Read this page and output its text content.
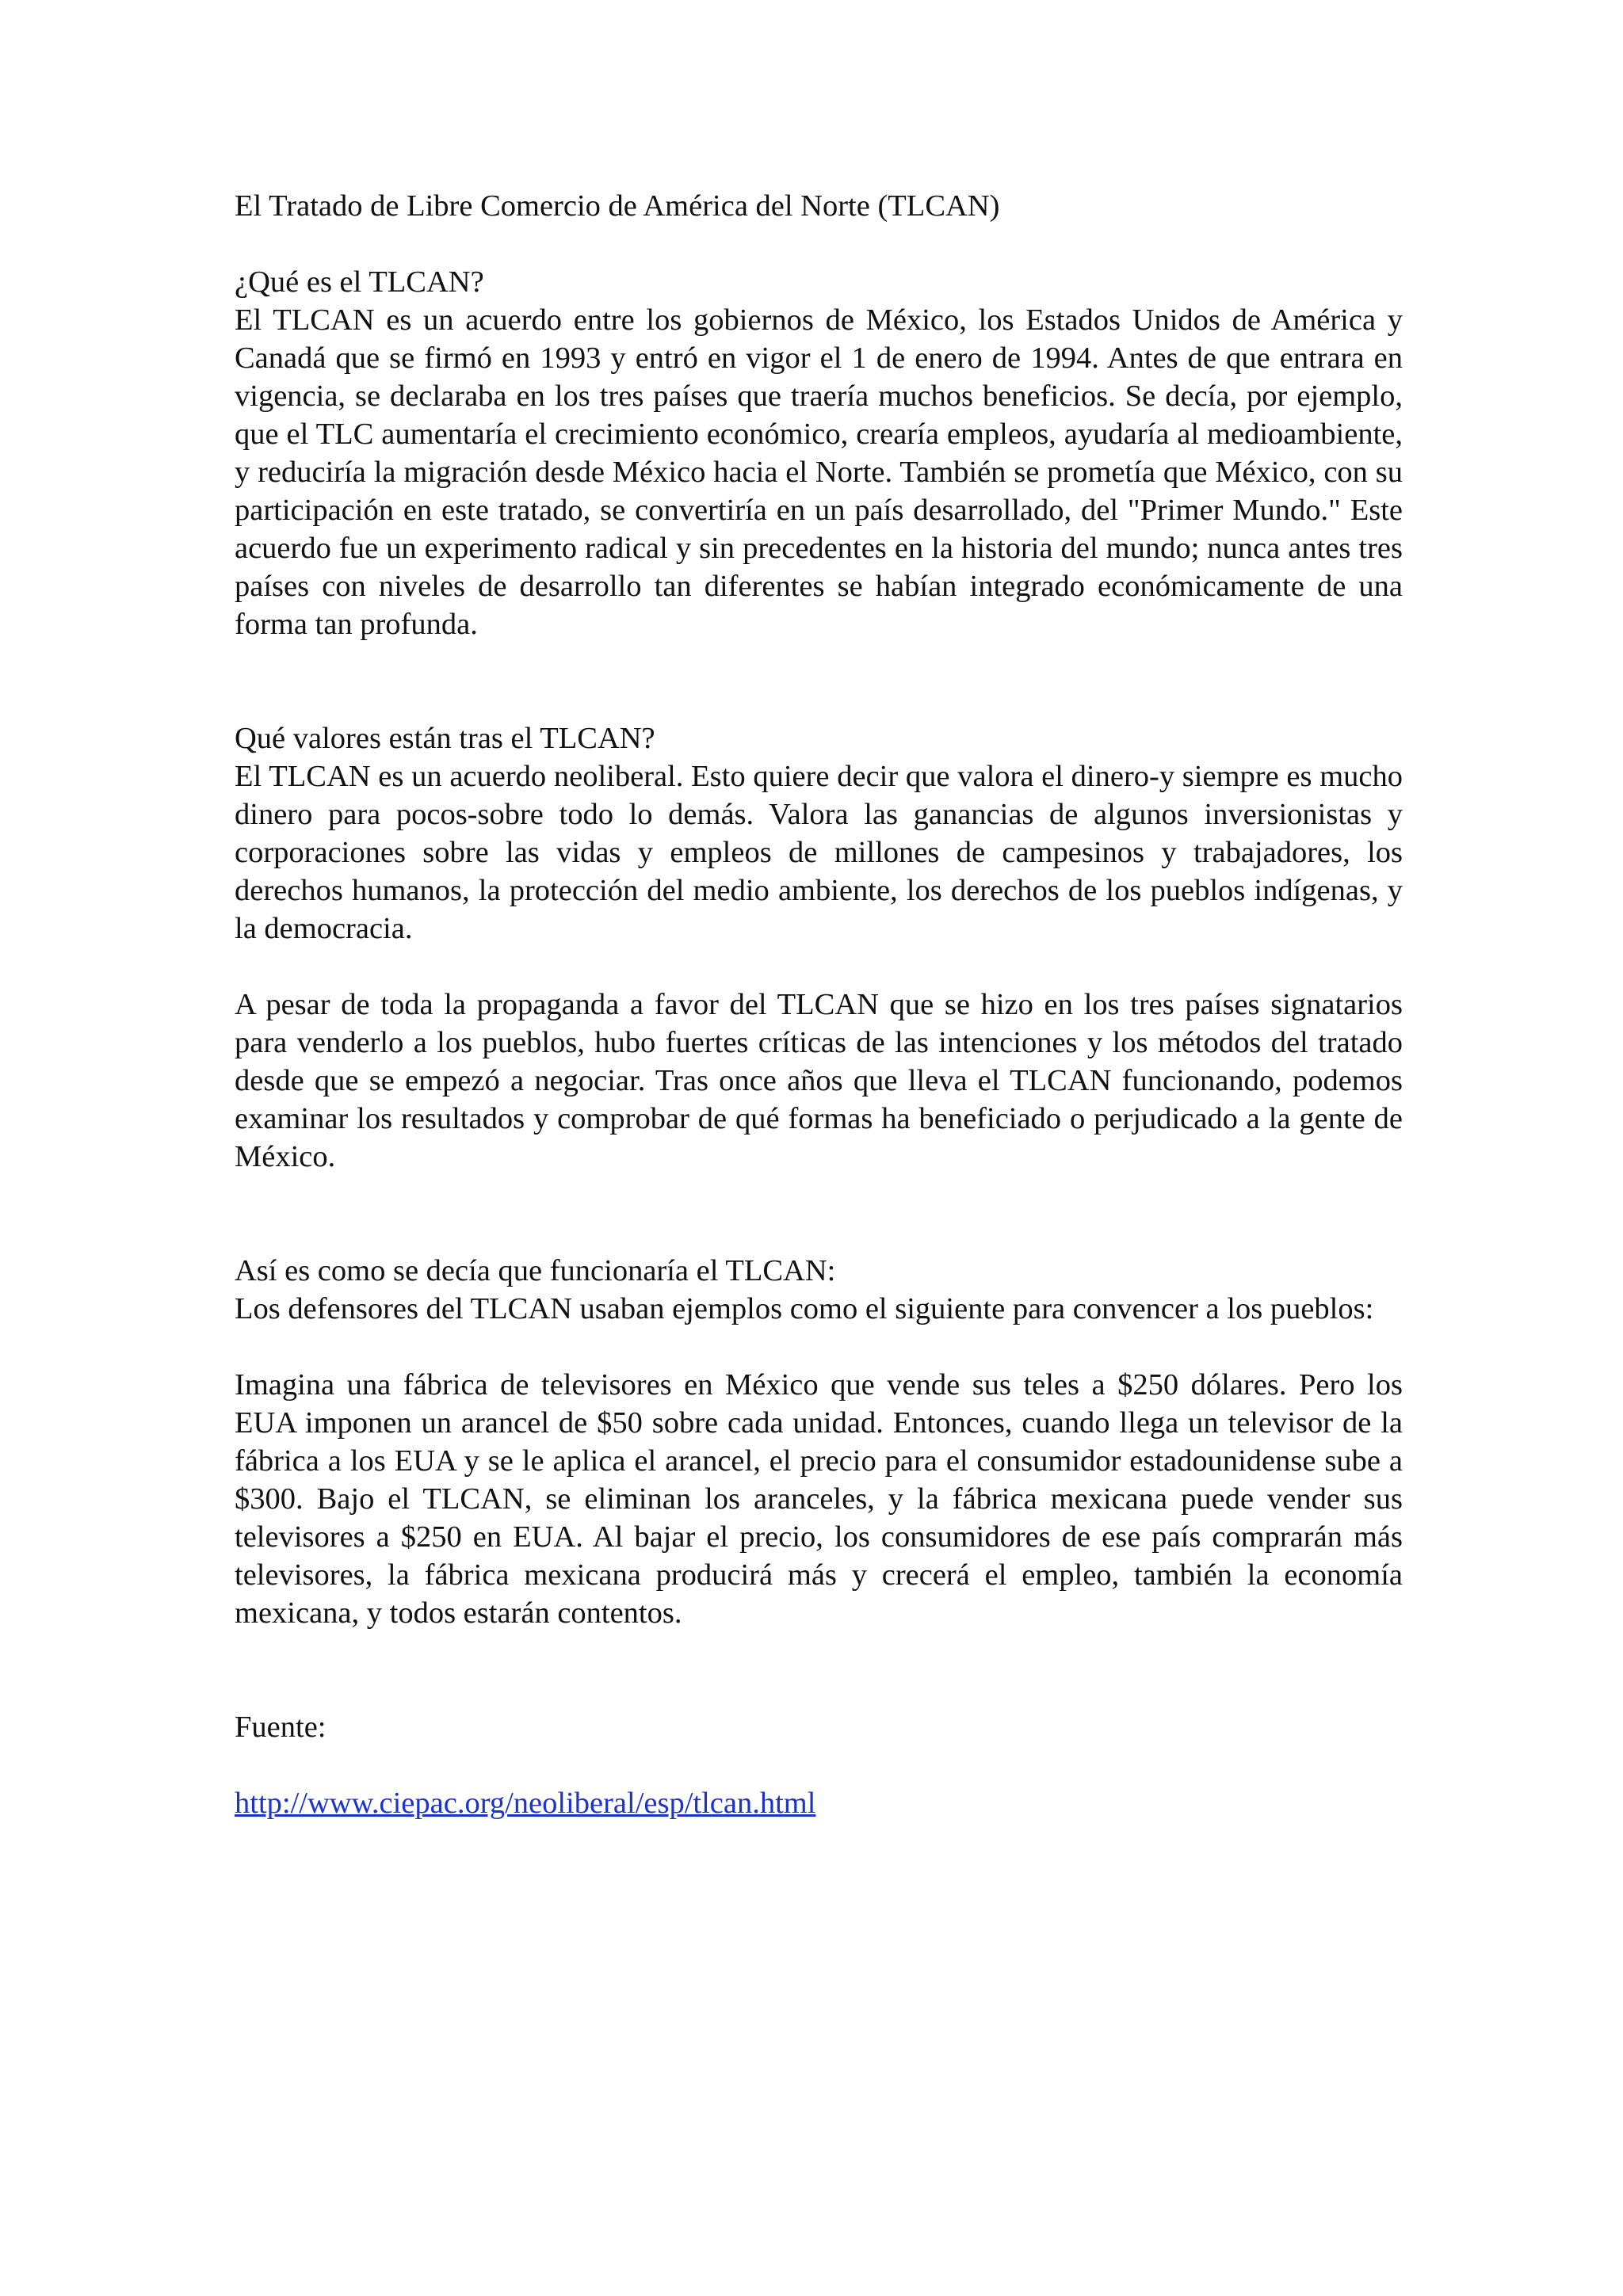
El Tratado de Libre Comercio de América del Norte (TLCAN)
¿Qué es el TLCAN?

El TLCAN es un acuerdo entre los gobiernos de México, los Estados Unidos de América y Canadá que se firmó en 1993 y entró en vigor el 1 de enero de 1994. Antes de que entrara en vigencia, se declaraba en los tres países que traería muchos beneficios. Se decía, por ejemplo, que el TLC aumentaría el crecimiento económico, crearía empleos, ayudaría al medioambiente, y reduciría la migración desde México hacia el Norte. También se prometía que México, con su participación en este tratado, se convertiría en un país desarrollado, del "Primer Mundo." Este acuerdo fue un experimento radical y sin precedentes en la historia del mundo; nunca antes tres países con niveles de desarrollo tan diferentes se habían integrado económicamente de una forma tan profunda.

Qué valores están tras el TLCAN?

El TLCAN es un acuerdo neoliberal. Esto quiere decir que valora el dinero-y siempre es mucho dinero para pocos-sobre todo lo demás. Valora las ganancias de algunos inversionistas y corporaciones sobre las vidas y empleos de millones de campesinos y trabajadores, los derechos humanos, la protección del medio ambiente, los derechos de los pueblos indígenas, y la democracia.

A pesar de toda la propaganda a favor del TLCAN que se hizo en los tres países signatarios para venderlo a los pueblos, hubo fuertes críticas de las intenciones y los métodos del tratado desde que se empezó a negociar. Tras once años que lleva el TLCAN funcionando, podemos examinar los resultados y comprobar de qué formas ha beneficiado o perjudicado a la gente de México.

Así es como se decía que funcionaría el TLCAN:

Los defensores del TLCAN usaban ejemplos como el siguiente para convencer a los pueblos:

Imagina una fábrica de televisores en México que vende sus teles a $250 dólares. Pero los EUA imponen un arancel de $50 sobre cada unidad. Entonces, cuando llega un televisor de la fábrica a los EUA y se le aplica el arancel, el precio para el consumidor estadounidense sube a $300. Bajo el TLCAN, se eliminan los aranceles, y la fábrica mexicana puede vender sus televisores a $250 en EUA. Al bajar el precio, los consumidores de ese país comprarán más televisores, la fábrica mexicana producirá más y crecerá el empleo, también la economía mexicana, y todos estarán contentos.

Fuente:

http://www.ciepac.org/neoliberal/esp/tlcan.html
